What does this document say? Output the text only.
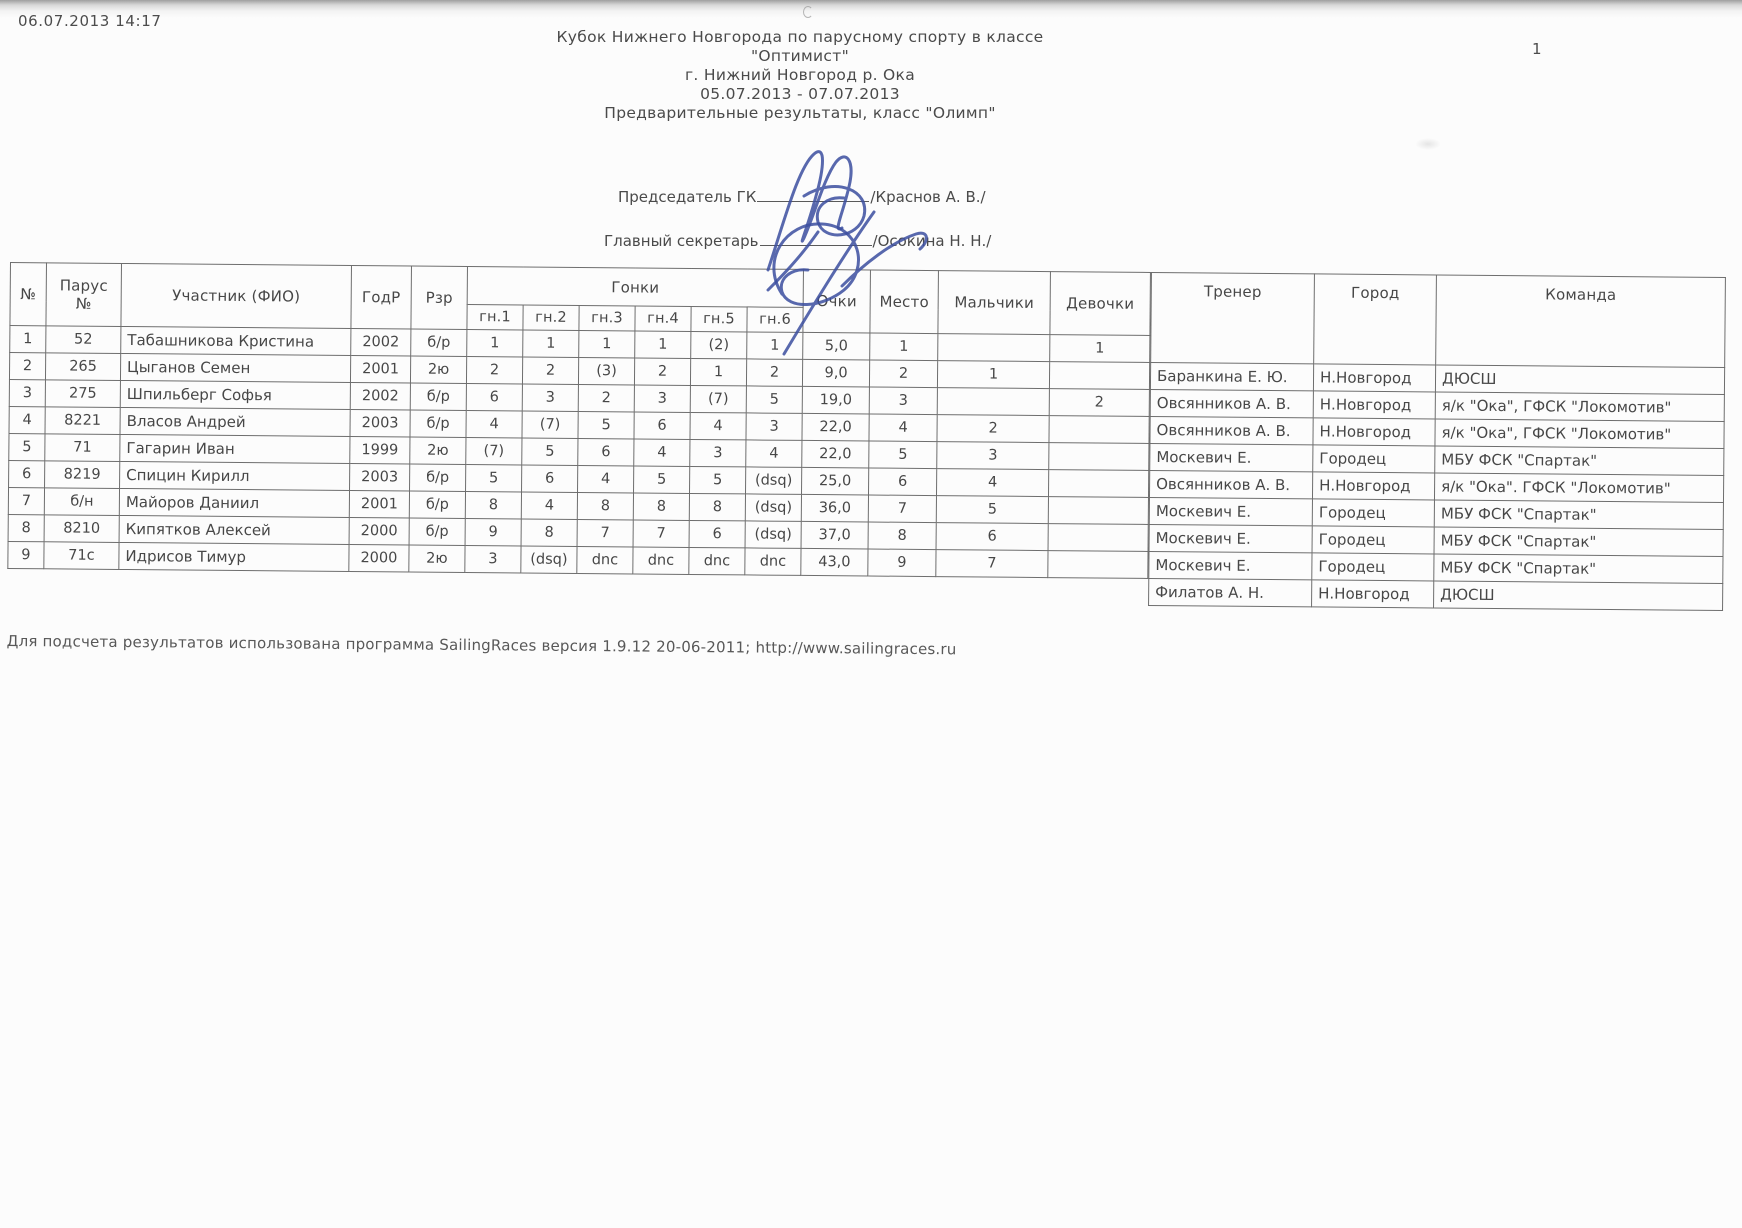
06.07.2013 14:17
1
Кубок Нижнего Новгорода по парусному спорту в классе
"Оптимист"
г. Нижний Новгород р. Ока
05.07.2013 - 07.07.2013
Предварительные результаты, класс "Олимп"
Председатель ГК	/Краснов А. В./
Главный секретарь	/Осокина Н. Н./
№	Парус №	Участник (ФИО)	ГодР	Рзр	Гонки						Очки	Место	Мальчики	Девочки
					гн.1	гн.2	гн.3	гн.4	гн.5	гн.6				
1	52	Табашникова Кристина	2002	б/р	1	1	1	1	(2)	1	5,0	1		1
2	265	Цыганов Семен	2001	2ю	2	2	(3)	2	1	2	9,0	2	1	
3	275	Шпильберг Софья	2002	б/р	6	3	2	3	(7)	5	19,0	3		2
4	8221	Власов Андрей	2003	б/р	4	(7)	5	6	4	3	22,0	4	2	
5	71	Гагарин Иван	1999	2ю	(7)	5	6	4	3	4	22,0	5	3	
6	8219	Спицин Кирилл	2003	б/р	5	6	4	5	5	(dsq)	25,0	6	4	
7	б/н	Майоров Даниил	2001	б/р	8	4	8	8	8	(dsq)	36,0	7	5	
8	8210	Кипятков Алексей	2000	б/р	9	8	7	7	6	(dsq)	37,0	8	6	
9	71с	Идрисов Тимур	2000	2ю	3	(dsq)	dnc	dnc	dnc	dnc	43,0	9	7	
Тренер	Город	Команда
Баранкина Е. Ю.	Н.Новгород	ДЮСШ
Овсянников А. В.	Н.Новгород	я/к "Ока", ГФСК "Локомотив"
Овсянников А. В.	Н.Новгород	я/к "Ока", ГФСК "Локомотив"
Москевич Е.	Городец	МБУ ФСК "Спартак"
Овсянников А. В.	Н.Новгород	я/к "Ока". ГФСК "Локомотив"
Москевич Е.	Городец	МБУ ФСК "Спартак"
Москевич Е.	Городец	МБУ ФСК "Спартак"
Москевич Е.	Городец	МБУ ФСК "Спартак"
Филатов А. Н.	Н.Новгород	ДЮСШ
Для подсчета результатов использована программа SailingRaces версия 1.9.12 20-06-2011; http://www.sailingraces.ru
